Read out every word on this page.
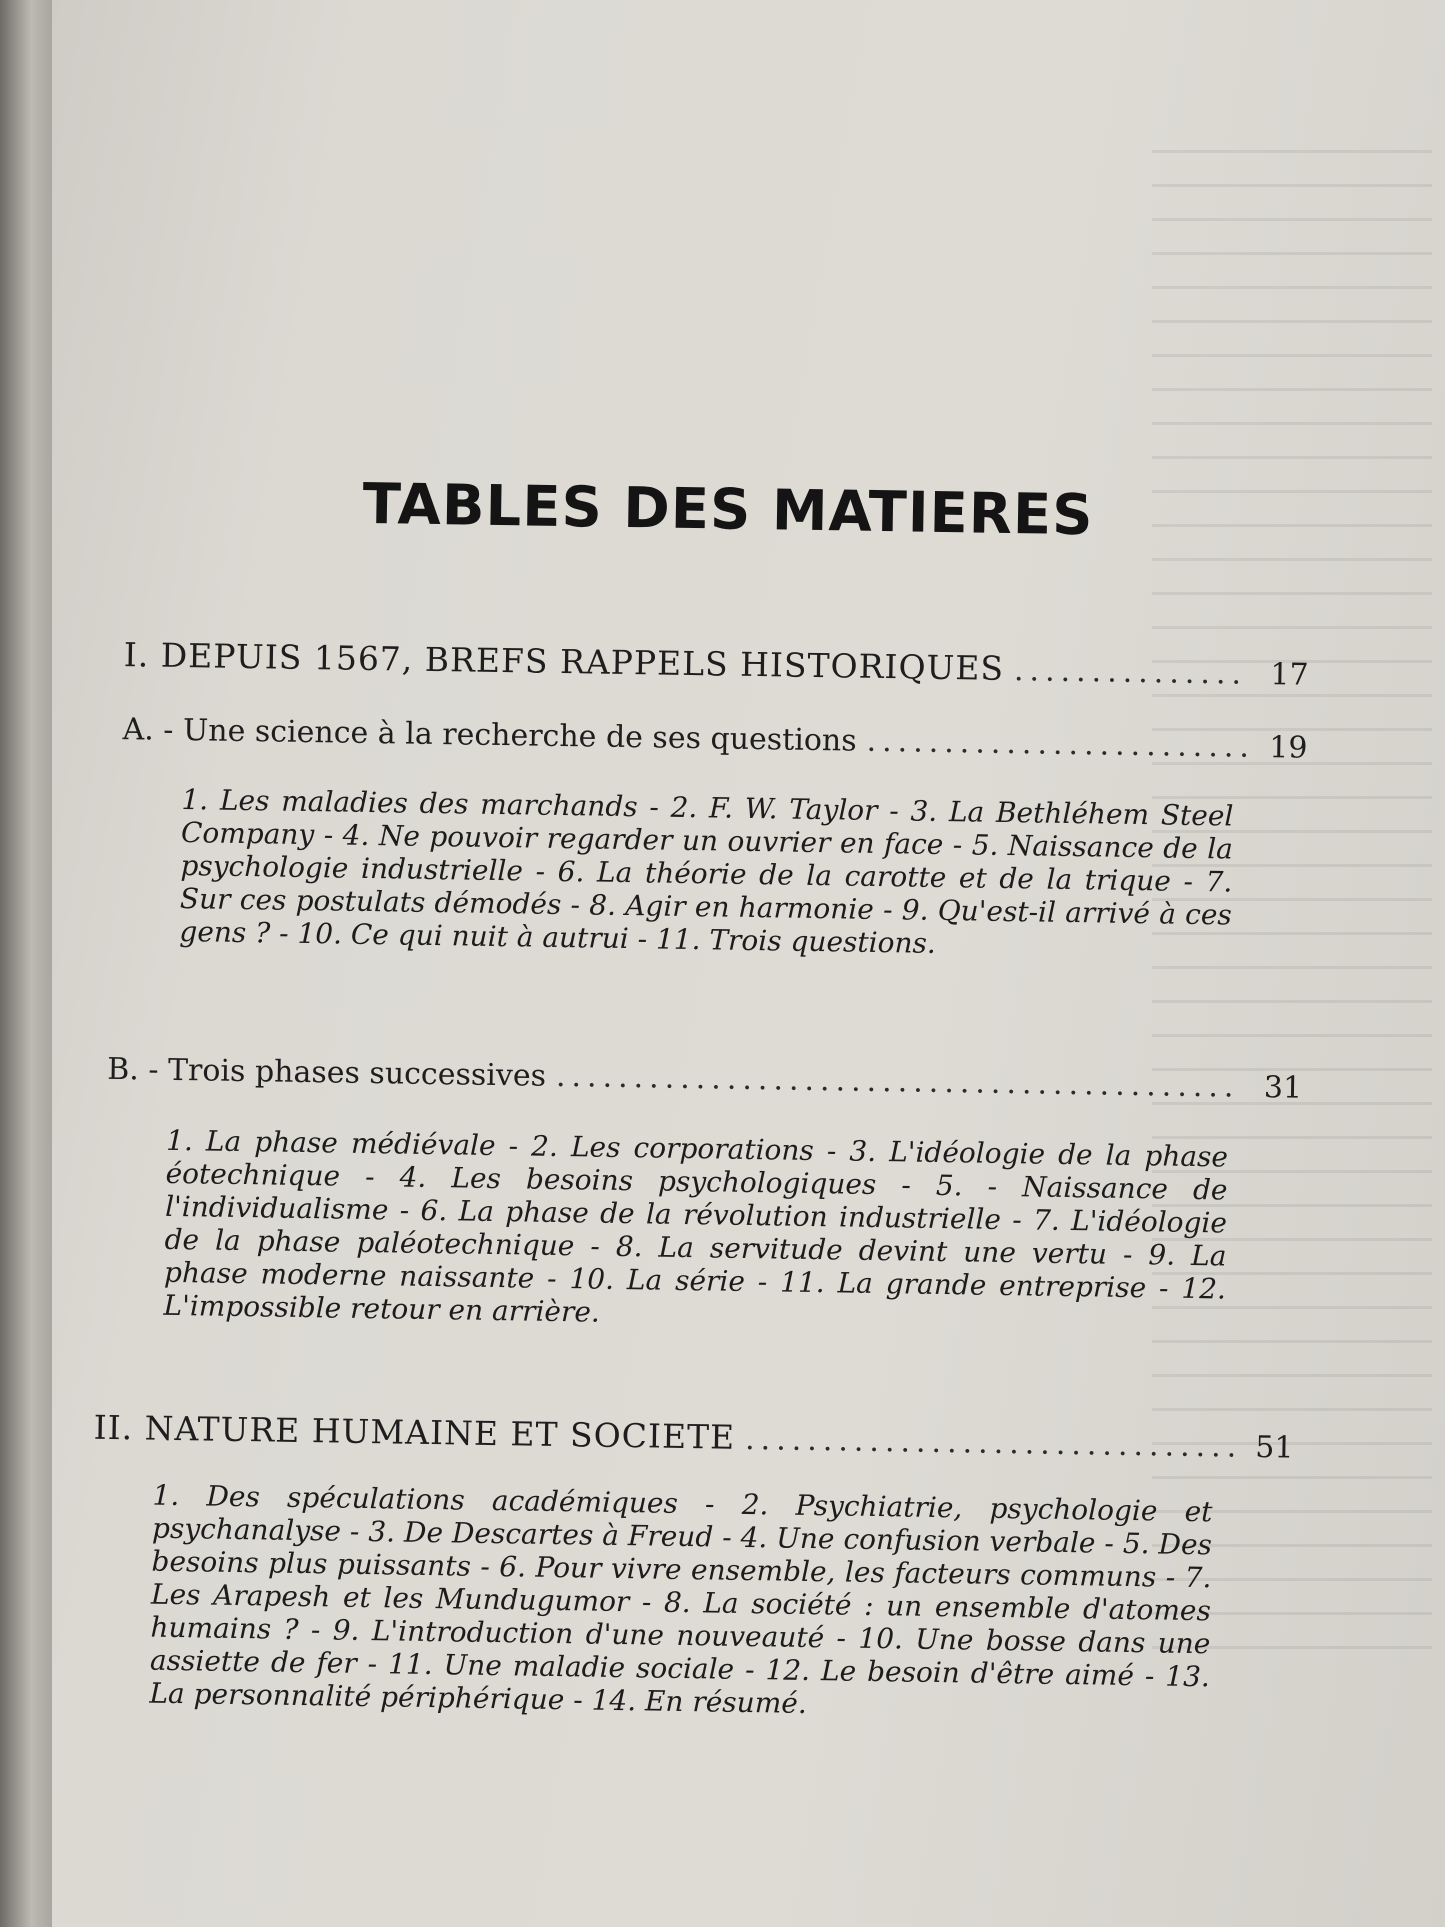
TABLES DES MATIERES
I. DEPUIS 1567, BREFS RAPPELS HISTORIQUES .....	17
A. - Une science à la recherche de ses questions .....	19

1. Les maladies des marchands - 2. F. W. Taylor - 3. La Bethléhem Steel Company - 4. Ne pouvoir regarder un ouvrier en face - 5. Naissance de la psychologie industrielle - 6. La théorie de la carotte et de la trique - 7. Sur ces postulats démodés - 8. Agir en harmonie - 9. Qu'est-il arrivé à ces gens ? - 10. Ce qui nuit à autrui - 11. Trois questions.

B. - Trois phases successives .....	31

1. La phase médiévale - 2. Les corporations - 3. L'idéologie de la phase éotechnique - 4. Les besoins psychologiques - 5. - Naissance de l'individualisme - 6. La phase de la révolution industrielle - 7. L'idéologie de la phase paléotechnique - 8. La servitude devint une vertu - 9. La phase moderne naissante - 10. La série - 11. La grande entreprise - 12. L'impossible retour en arrière.

II. NATURE HUMAINE ET SOCIETE .....	51

1. Des spéculations académiques - 2. Psychiatrie, psychologie et psychanalyse - 3. De Descartes à Freud - 4. Une confusion verbale - 5. Des besoins plus puissants - 6. Pour vivre ensemble, les facteurs communs - 7. Les Arapesh et les Mundugumor - 8. La société : un ensemble d'atomes humains ? - 9. L'introduction d'une nouveauté - 10. Une bosse dans une assiette de fer - 11. Une maladie sociale - 12. Le besoin d'être aimé - 13. La personnalité périphérique - 14. En résumé.
